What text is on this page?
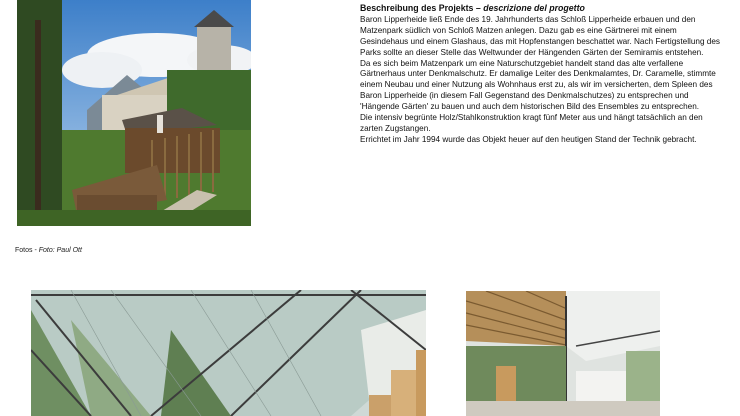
Fotos - Foto: Paul Ott
Beschreibung des Projekts – descrizione del progetto

Baron Lipperheide ließ Ende des 19. Jahrhunderts das Schloß Lipperheide erbauen und den Matzenpark südlich von Schloß Matzen anlegen. Dazu gab es eine Gärtnerei mit einem Gesindehaus und einem Glashaus, das mit Hopfenstangen beschattet war. Nach Fertigstellung des Parks sollte an dieser Stelle das Weltwunder der Hängenden Gärten der Semiramis entstehen.

Da es sich beim Matzenpark um eine Naturschutzgebiet handelt stand das alte verfallene Gärtnerhaus unter Denkmalschutz. Er damalige Leiter des Denkmalamtes, Dr. Caramelle, stimmte einem Neubau und einer Nutzung als Wohnhaus erst zu, als wir im versicherten, dem Spleen des Baron Lipperheide (in diesem Fall Gegenstand des Denkmalschutzes) zu entsprechen und 'Hängende Gärten' zu bauen und auch dem historischen Bild des Ensembles zu entsprechen.

Die intensiv begrünte Holz/Stahlkonstruktion kragt fünf Meter aus und hängt tatsächlich an den zarten Zugstangen.

Errichtet im Jahr 1994 wurde das Objekt heuer auf den heutigen Stand der Technik gebracht.
